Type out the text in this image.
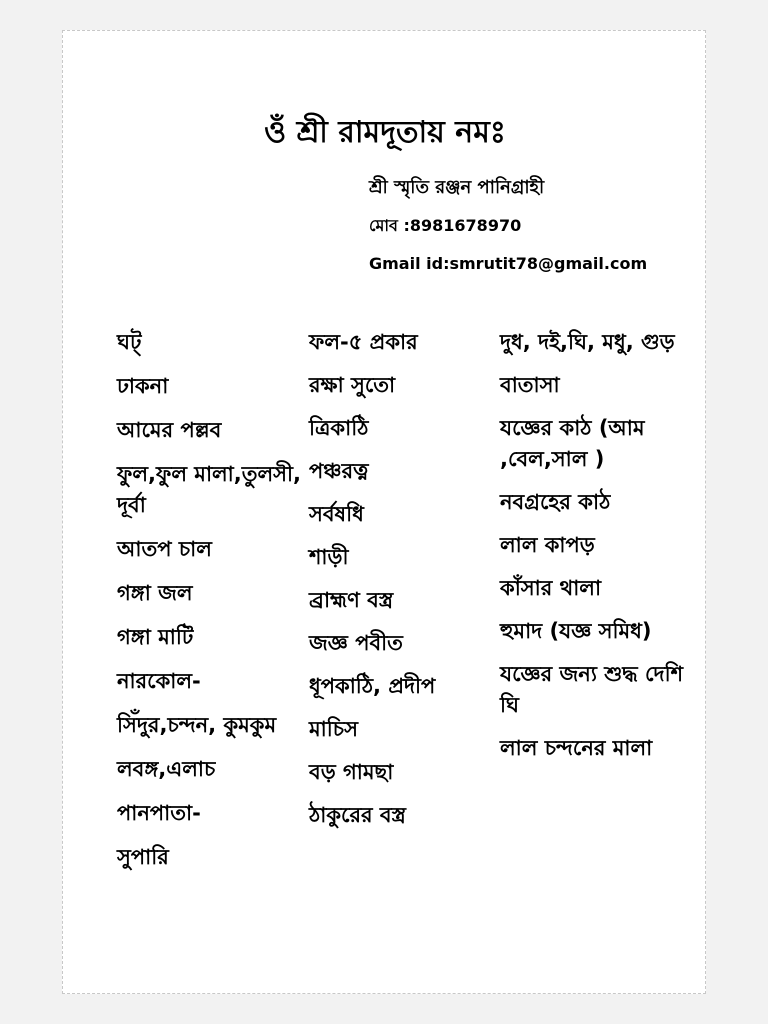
ওঁ শ্রী রামদূতায় নমঃ
শ্রী স্মৃতি রঞ্জন পানিগ্রাহী
মোব :8981678970
Gmail id:smrutit78@gmail.com
ঘট্
ঢাকনা
আমের পল্লব
ফুল,ফুল মালা,তুলসী, দূর্বা
আতপ চাল
গঙ্গা জল
গঙ্গা মাটি
নারকোল-
সিঁদুর,চন্দন, কুমকুম
লবঙ্গ,এলাচ
পানপাতা-
সুপারি
ফল-৫ প্রকার
রক্ষা সুতো
ত্রিকাঠি
পঞ্চরত্ন
সর্বষধি
শাড়ী
ব্রাহ্মণ বস্ত্র
জজ্ঞ পবীত
ধূপকাঠি, প্রদীপ
মাচিস
বড় গামছা
ঠাকুরের বস্ত্র
দুধ, দই,ঘি, মধু, গুড়
বাতাসা
যজ্ঞের কাঠ (আম ,বেল,সাল )
নবগ্রহের কাঠ
লাল কাপড়
কাঁসার থালা
হুমাদ (যজ্ঞ সমিধ)
যজ্ঞের জন্য শুদ্ধ দেশি ঘি
লাল চন্দনের মালা
